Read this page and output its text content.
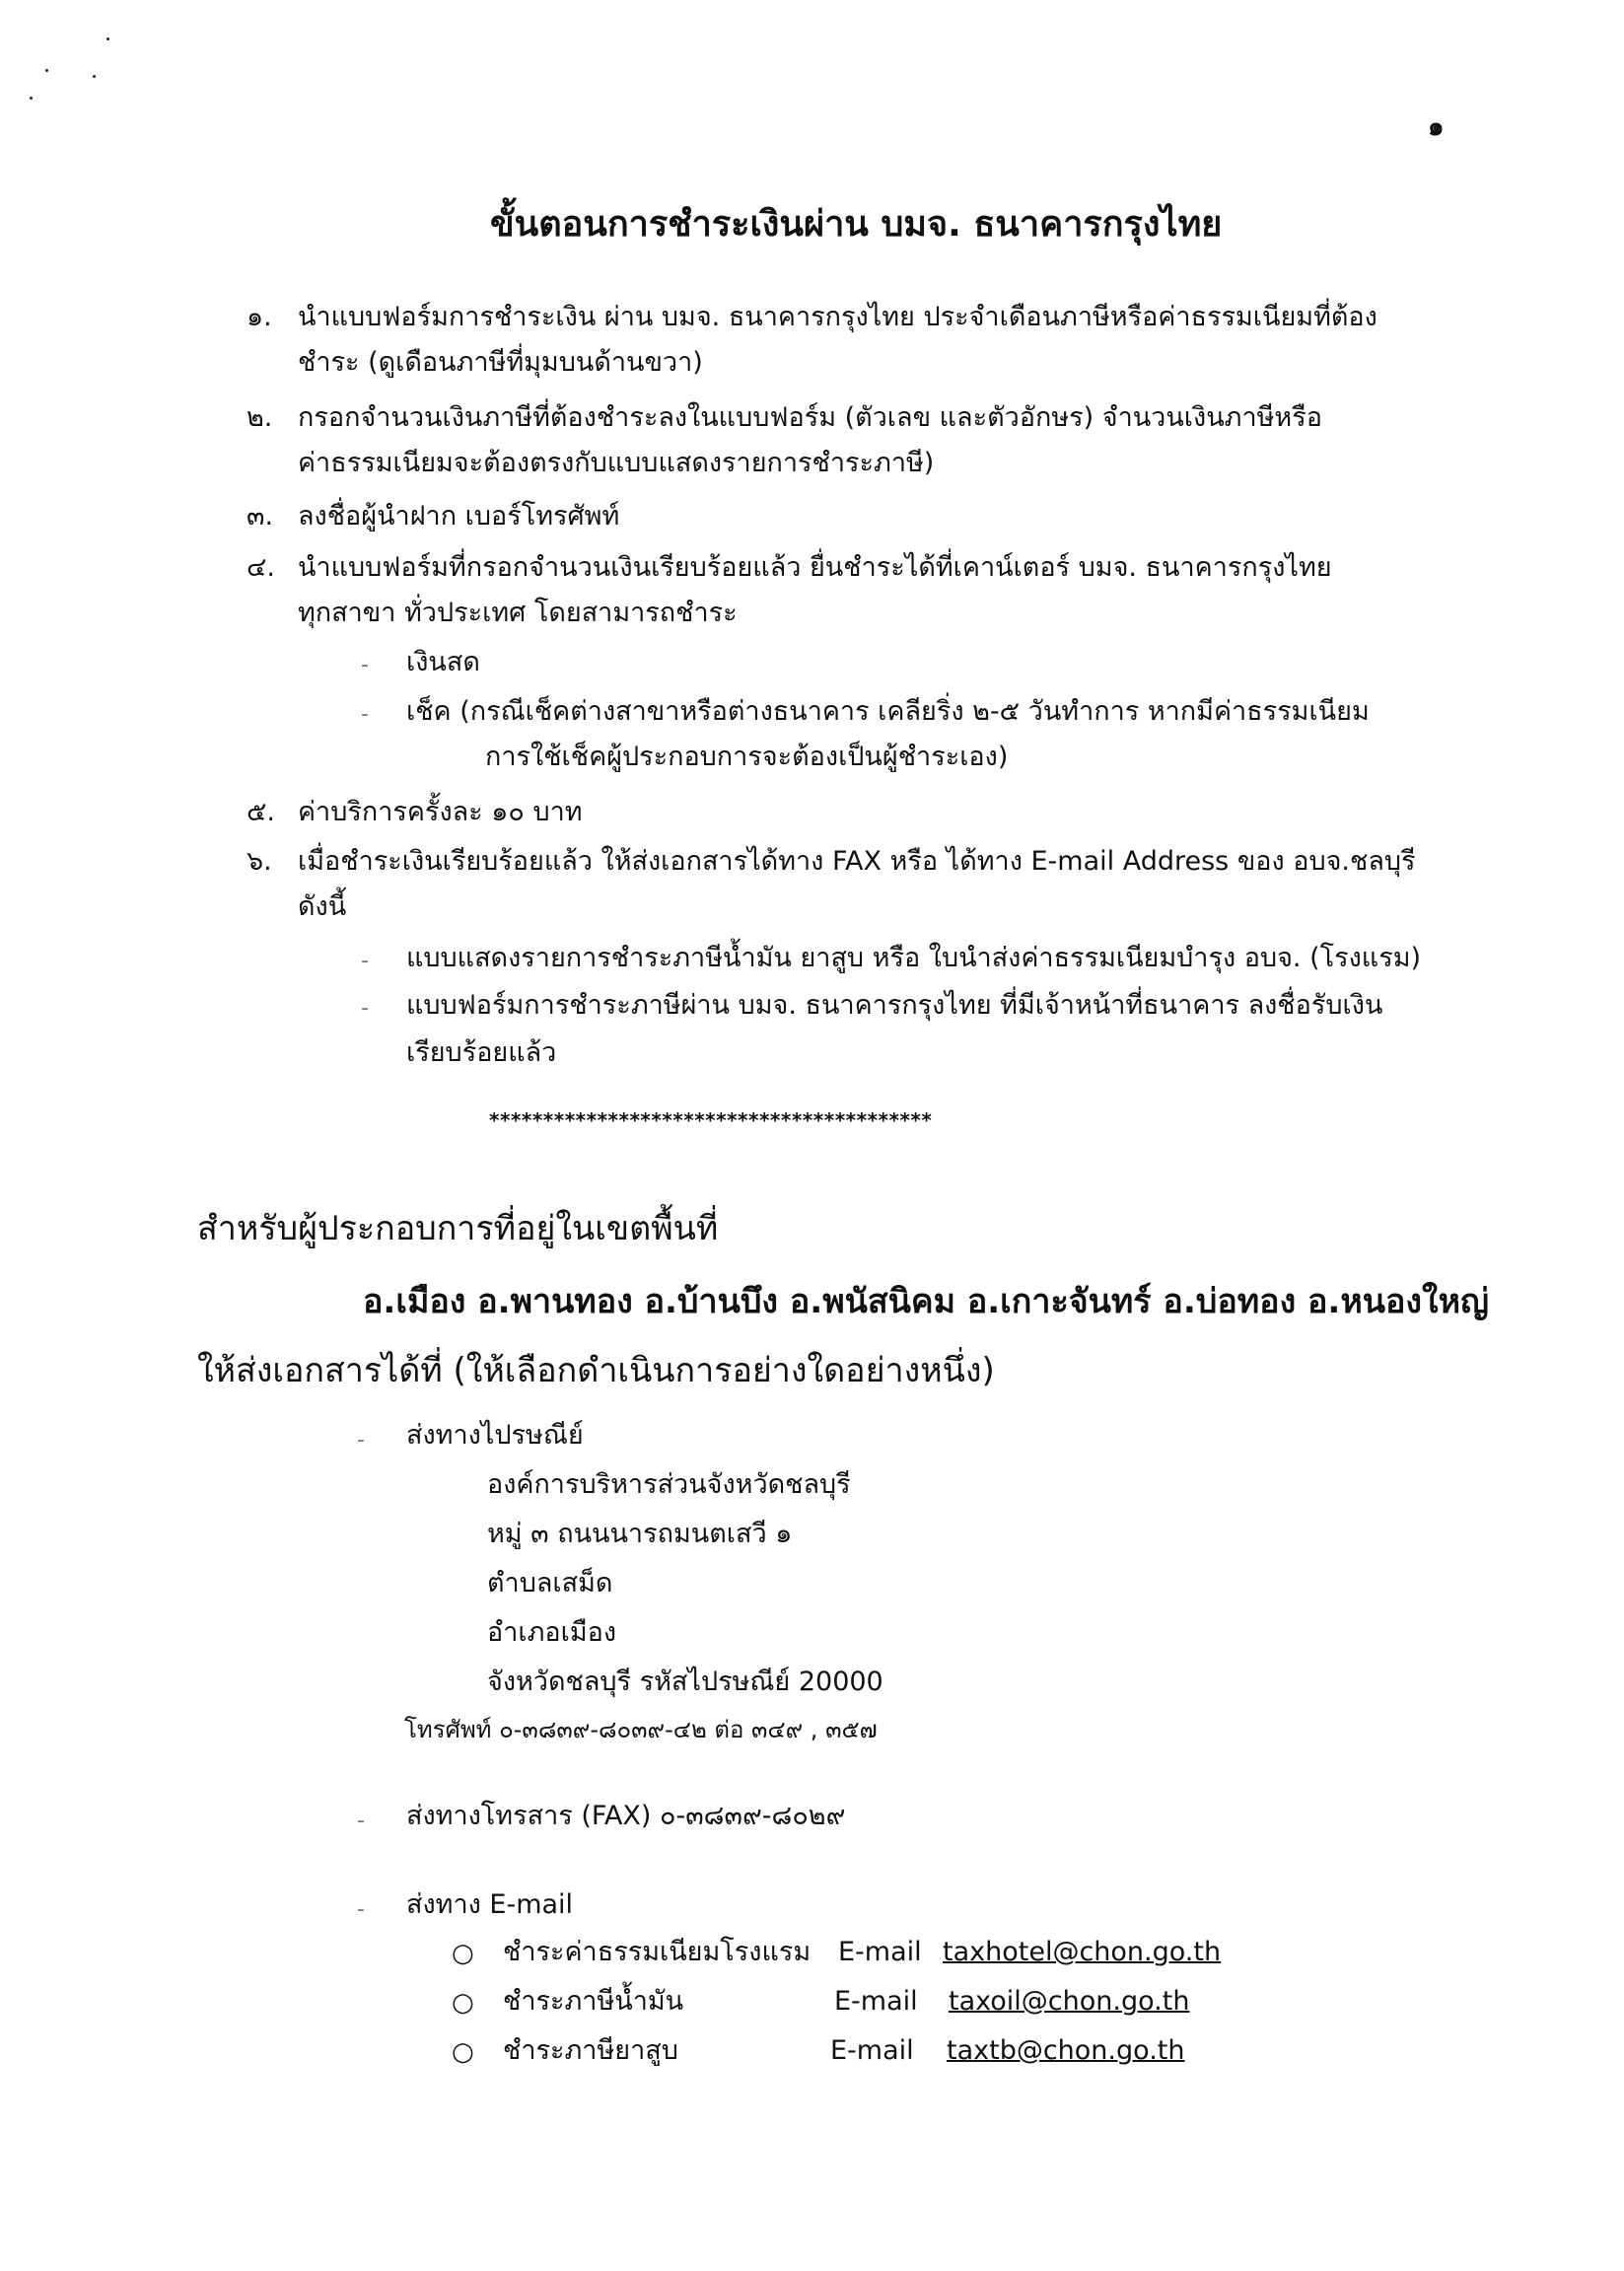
๑
ขั้นตอนการชำระเงินผ่าน บมจ. ธนาคารกรุงไทย
๑. นำแบบฟอร์มการชำระเงิน ผ่าน บมจ. ธนาคารกรุงไทย ประจำเดือนภาษีหรือค่าธรรมเนียมที่ต้อง
ชำระ (ดูเดือนภาษีที่มุมบนด้านขวา)
๒. กรอกจำนวนเงินภาษีที่ต้องชำระลงในแบบฟอร์ม (ตัวเลข และตัวอักษร) จำนวนเงินภาษีหรือ
ค่าธรรมเนียมจะต้องตรงกับแบบแสดงรายการชำระภาษี)
๓. ลงชื่อผู้นำฝาก เบอร์โทรศัพท์
๔. นำแบบฟอร์มที่กรอกจำนวนเงินเรียบร้อยแล้ว ยื่นชำระได้ที่เคาน์เตอร์ บมจ. ธนาคารกรุงไทย
ทุกสาขา ทั่วประเทศ โดยสามารถชำระ
- เงินสด
- เช็ค (กรณีเช็คต่างสาขาหรือต่างธนาคาร เคลียริ่ง ๒-๕ วันทำการ หากมีค่าธรรมเนียม
การใช้เช็คผู้ประกอบการจะต้องเป็นผู้ชำระเอง)
๕. ค่าบริการครั้งละ ๑๐ บาท
๖. เมื่อชำระเงินเรียบร้อยแล้ว ให้ส่งเอกสารได้ทาง FAX หรือ ได้ทาง E-mail Address ของ อบจ.ชลบุรี
ดังนี้
- แบบแสดงรายการชำระภาษีน้ำมัน ยาสูบ หรือ ใบนำส่งค่าธรรมเนียมบำรุง อบจ. (โรงแรม)
- แบบฟอร์มการชำระภาษีผ่าน บมจ. ธนาคารกรุงไทย ที่มีเจ้าหน้าที่ธนาคาร ลงชื่อรับเงิน
เรียบร้อยแล้ว
*****************************************
สำหรับผู้ประกอบการที่อยู่ในเขตพื้นที่
อ.เมือง อ.พานทอง อ.บ้านบึง อ.พนัสนิคม อ.เกาะจันทร์ อ.บ่อทอง อ.หนองใหญ่
ให้ส่งเอกสารได้ที่ (ให้เลือกดำเนินการอย่างใดอย่างหนึ่ง)
- ส่งทางไปรษณีย์
องค์การบริหารส่วนจังหวัดชลบุรี
หมู่ ๓ ถนนนารถมนตเสวี ๑
ตำบลเสม็ด
อำเภอเมือง
จังหวัดชลบุรี รหัสไปรษณีย์ 20000
โทรศัพท์ ๐-๓๘๓๙-๘๐๓๙-๔๒ ต่อ ๓๔๙ , ๓๕๗
- ส่งทางโทรสาร (FAX) ๐-๓๘๓๙-๘๐๒๙
- ส่งทาง E-mail
○ ชำระค่าธรรมเนียมโรงแรม E-mail taxhotel@chon.go.th
○ ชำระภาษีน้ำมัน	E-mail taxoil@chon.go.th
○ ชำระภาษียาสูบ	E-mail taxtb@chon.go.th
